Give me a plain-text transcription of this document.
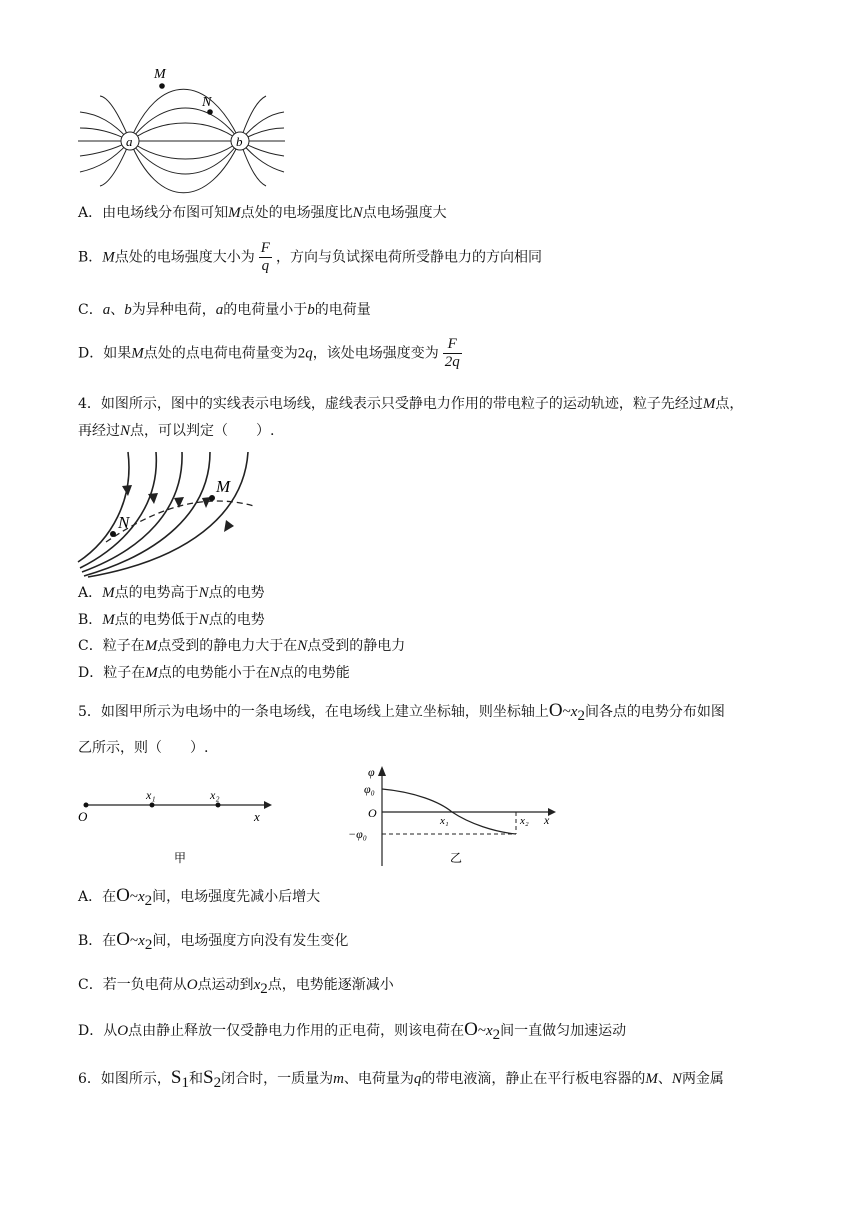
a	b
M
N
A．由电场线分布图可知M点处的电场强度比N点电场强度大
B．M点处的电场强度大小为 $\frac{F}{q}$ ，方向与负试探电荷所受静电力的方向相同
C．a、b为异种电荷，a的电荷量小于b的电荷量
D．如果M点处的点电荷电荷量变为2q，该处电场强度变为 $\frac{F}{2q}$
4．如图所示，图中的实线表示电场线，虚线表示只受静电力作用的带电粒子的运动轨迹，粒子先经过M点，
再经过N点，可以判定（　　）.
M
N
A．M点的电势高于N点的电势
B．M点的电势低于N点的电势
C．粒子在M点受到的静电力大于在N点受到的静电力
D．粒子在M点的电势能小于在N点的电势能
5．如图甲所示为电场中的一条电场线，在电场线上建立坐标轴，则坐标轴上$O\sim x_2$间各点的电势分布如图
乙所示，则（　　）.
O
x₁	x₂
x
甲
φ
φ₀
O
x₁	x₂ x
−φ₀
乙
A．在$O\sim x_2$间，电场强度先减小后增大
B．在$O\sim x_2$间，电场强度方向没有发生变化
C．若一负电荷从O点运动到$x_2$点，电势能逐渐减小
D．从O点由静止释放一仅受静电力作用的正电荷，则该电荷在$O\sim x_2$间一直做匀加速运动
6．如图所示，$S_1$和$S_2$闭合时，一质量为m、电荷量为q的带电液滴，静止在平行板电容器的M、N两金属
